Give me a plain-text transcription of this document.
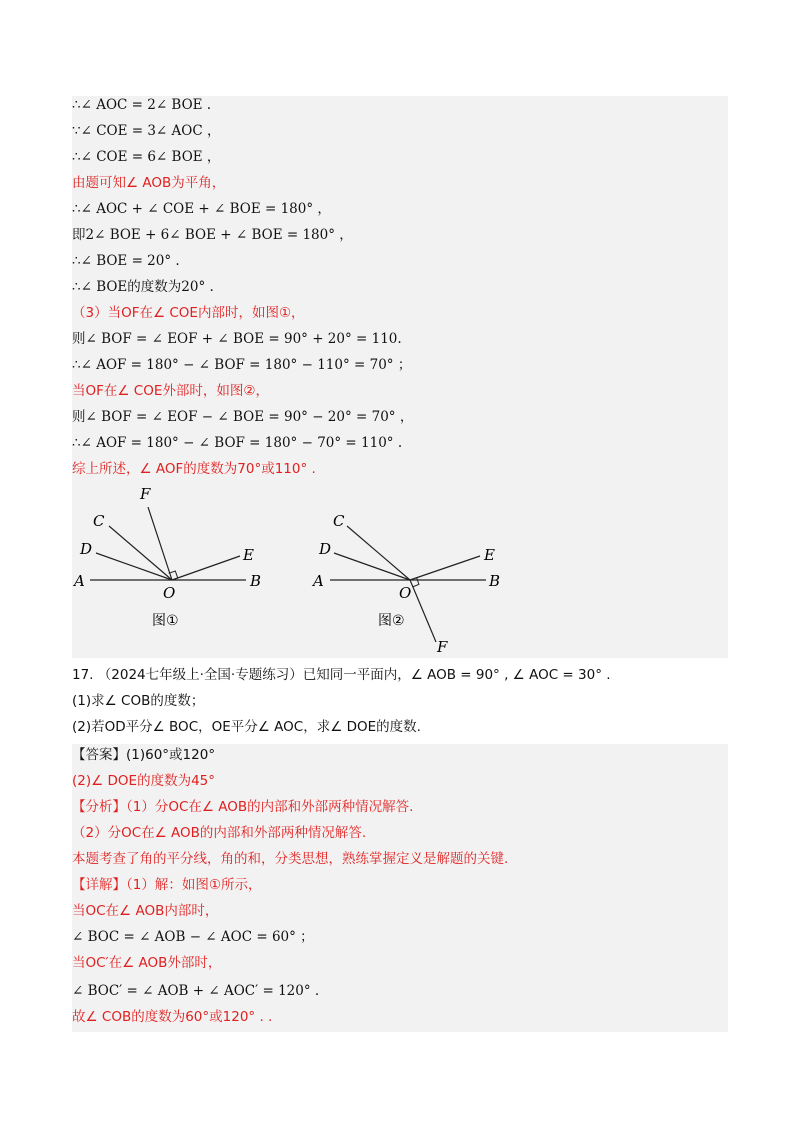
∴∠ AOC = 2∠ BOE .
∵∠ COE = 3∠ AOC ，
∴∠ COE = 6∠ BOE ，
由题可知∠ AOB为平角，
∴∠ AOC + ∠ COE + ∠ BOE = 180° ，
即2∠ BOE + 6∠ BOE + ∠ BOE = 180° ，
∴∠ BOE = 20° .
∴∠ BOE的度数为20° .
（3）当OF在∠ COE内部时，如图①，
则∠ BOF = ∠ EOF + ∠ BOE = 90° + 20° = 110.
∴∠ AOF = 180° − ∠ BOF = 180° − 110° = 70° ；
当OF在∠ COE外部时，如图②，
则∠ BOF = ∠ EOF − ∠ BOE = 90° − 20° = 70° ，
∴∠ AOF = 180° − ∠ BOF = 180° − 70° = 110° .
综上所述，∠ AOF的度数为70°或110° .
A	B
C
D	E
F
O
图①
A	B
C
D	E
F
O
图②
17. （2024七年级上·全国·专题练习）已知同一平面内，∠ AOB = 90° , ∠ AOC = 30° .
(1)求∠ COB的度数；
(2)若OD平分∠ BOC，OE平分∠ AOC，求∠ DOE的度数.
【答案】(1)60°或120°
(2)∠ DOE的度数为45°
【分析】（1）分OC在∠ AOB的内部和外部两种情况解答.
（2）分OC在∠ AOB的内部和外部两种情况解答.
本题考查了角的平分线，角的和，分类思想，熟练掌握定义是解题的关键.
【详解】（1）解：如图①所示，
当OC在∠ AOB内部时，
∠ BOC = ∠ AOB − ∠ AOC = 60° ；
当OC′在∠ AOB外部时，
∠ BOC′ = ∠ AOB + ∠ AOC′ = 120° .
故∠ COB的度数为60°或120° . .
